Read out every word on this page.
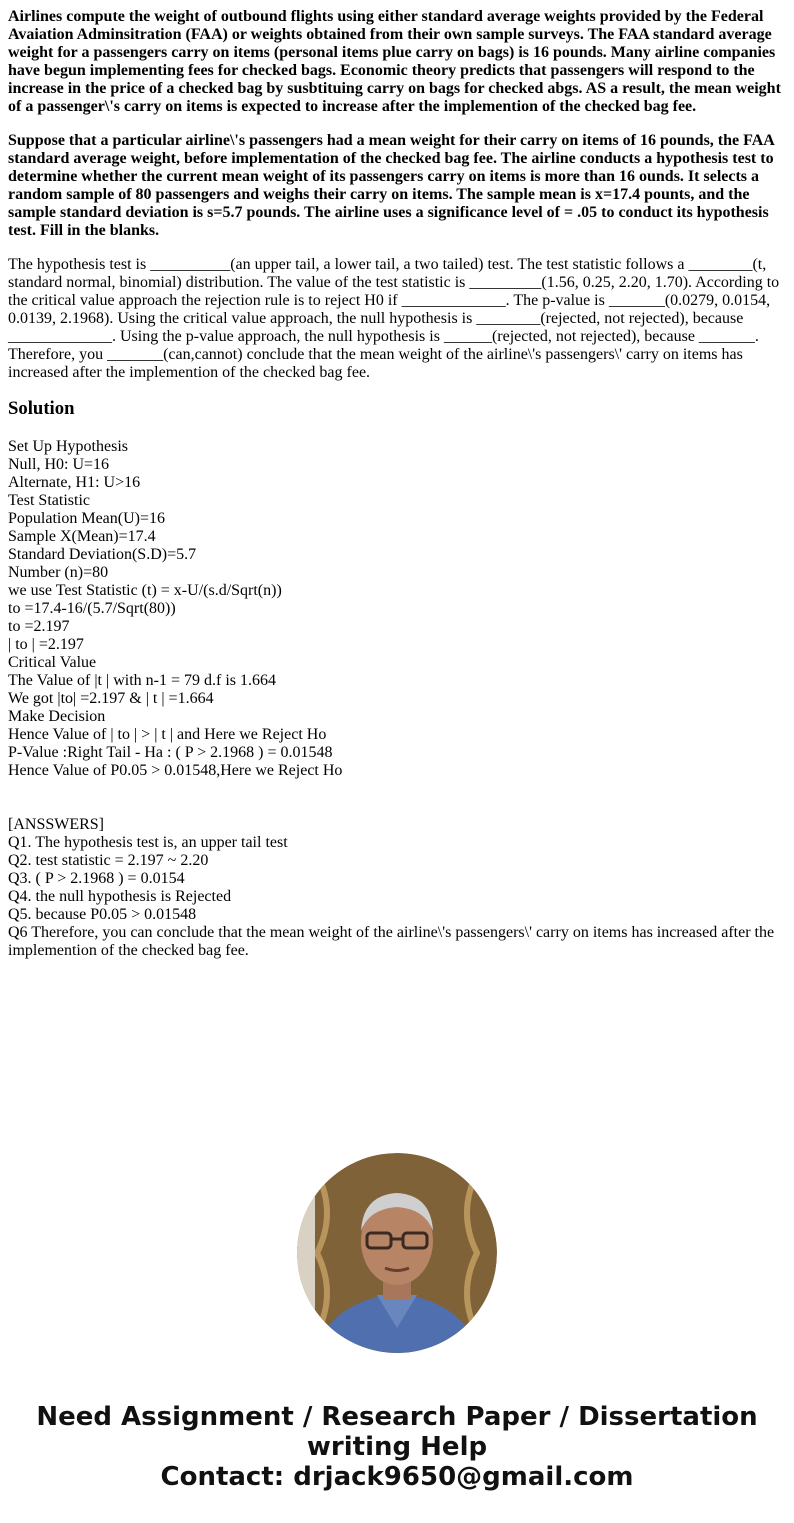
Airlines compute the weight of outbound flights using either standard average weights provided by the Federal Avaiation Adminsitration (FAA) or weights obtained from their own sample surveys. The FAA standard average weight for a passengers carry on items (personal items plue carry on bags) is 16 pounds. Many airline companies have begun implementing fees for checked bags. Economic theory predicts that passengers will respond to the increase in the price of a checked bag by susbtituing carry on bags for checked abgs. AS a result, the mean weight of a passenger\'s carry on items is expected to increase after the implemention of the checked bag fee.

Suppose that a particular airline\'s passengers had a mean weight for their carry on items of 16 pounds, the FAA standard average weight, before implementation of the checked bag fee. The airline conducts a hypothesis test to determine whether the current mean weight of its passengers carry on items is more than 16 ounds. It selects a random sample of 80 passengers and weighs their carry on items. The sample mean is x=17.4 pounts, and the sample standard deviation is s=5.7 pounds. The airline uses a significance level of = .05 to conduct its hypothesis test. Fill in the blanks.

The hypothesis test is __________(an upper tail, a lower tail, a two tailed) test. The test statistic follows a ________(t, standard normal, binomial) distribution. The value of the test statistic is _________(1.56, 0.25, 2.20, 1.70). According to the critical value approach the rejection rule is to reject H0 if _____________. The p-value is _______(0.0279, 0.0154, 0.0139, 2.1968). Using the critical value approach, the null hypothesis is ________(rejected, not rejected), because _____________. Using the p-value approach, the null hypothesis is ______(rejected, not rejected), because _______. Therefore, you _______(can,cannot) conclude that the mean weight of the airline\'s passengers\' carry on items has increased after the implemention of the checked bag fee.

Solution
Set Up Hypothesis
Null, H0: U=16
Alternate, H1: U>16
Test Statistic
Population Mean(U)=16
Sample X(Mean)=17.4
Standard Deviation(S.D)=5.7
Number (n)=80
we use Test Statistic (t) = x-U/(s.d/Sqrt(n))
to =17.4-16/(5.7/Sqrt(80))
to =2.197
| to | =2.197
Critical Value
The Value of |t | with n-1 = 79 d.f is 1.664
We got |to| =2.197 & | t | =1.664
Make Decision
Hence Value of | to | > | t | and Here we Reject Ho
P-Value :Right Tail - Ha : ( P > 2.1968 ) = 0.01548
Hence Value of P0.05 > 0.01548,Here we Reject Ho
[ANSSWERS]
Q1. The hypothesis test is, an upper tail test
Q2. test statistic = 2.197 ~ 2.20
Q3. ( P > 2.1968 ) = 0.0154
Q4. the null hypothesis is Rejected
Q5. because P0.05 > 0.01548
Q6 Therefore, you can conclude that the mean weight of the airline\'s passengers\' carry on items has increased after the implemention of the checked bag fee.
Need Assignment / Research Paper / Dissertation
writing Help
Contact: drjack9650@gmail.com
